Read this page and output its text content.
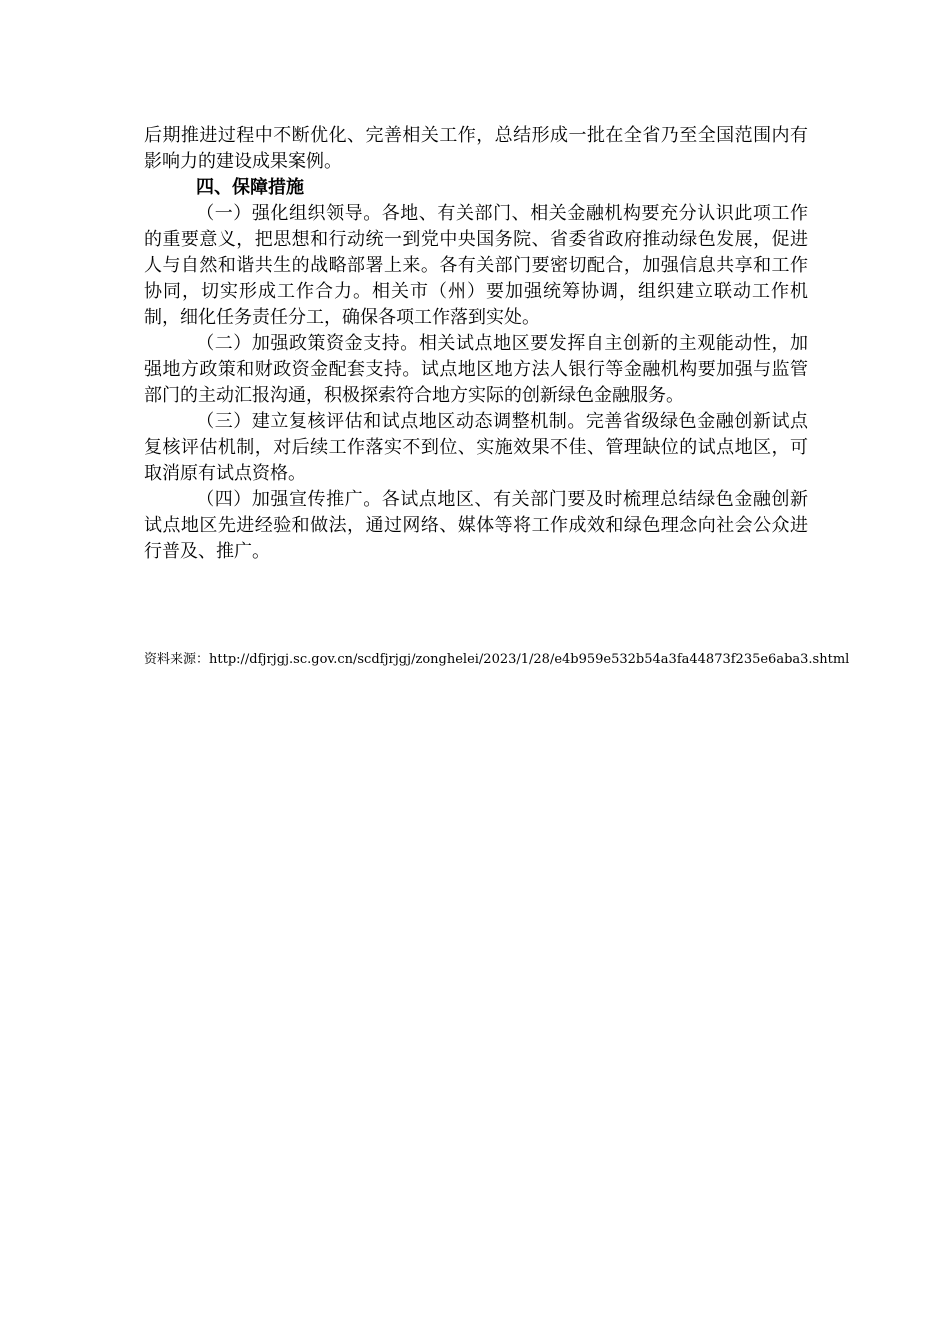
后期推进过程中不断优化、完善相关工作，总结形成一批在全省乃至全国范围内有影响力的建设成果案例。

四、保障措施

（一）强化组织领导。各地、有关部门、相关金融机构要充分认识此项工作的重要意义，把思想和行动统一到党中央国务院、省委省政府推动绿色发展，促进人与自然和谐共生的战略部署上来。各有关部门要密切配合，加强信息共享和工作协同，切实形成工作合力。相关市（州）要加强统筹协调，组织建立联动工作机制，细化任务责任分工，确保各项工作落到实处。

（二）加强政策资金支持。相关试点地区要发挥自主创新的主观能动性，加强地方政策和财政资金配套支持。试点地区地方法人银行等金融机构要加强与监管部门的主动汇报沟通，积极探索符合地方实际的创新绿色金融服务。

（三）建立复核评估和试点地区动态调整机制。完善省级绿色金融创新试点复核评估机制，对后续工作落实不到位、实施效果不佳、管理缺位的试点地区，可取消原有试点资格。

（四）加强宣传推广。各试点地区、有关部门要及时梳理总结绿色金融创新试点地区先进经验和做法，通过网络、媒体等将工作成效和绿色理念向社会公众进行普及、推广。

资料来源：http://dfjrjgj.sc.gov.cn/scdfjrjgj/zonghelei/2023/1/28/e4b959e532b54a3fa44873f235e6aba3.shtml
